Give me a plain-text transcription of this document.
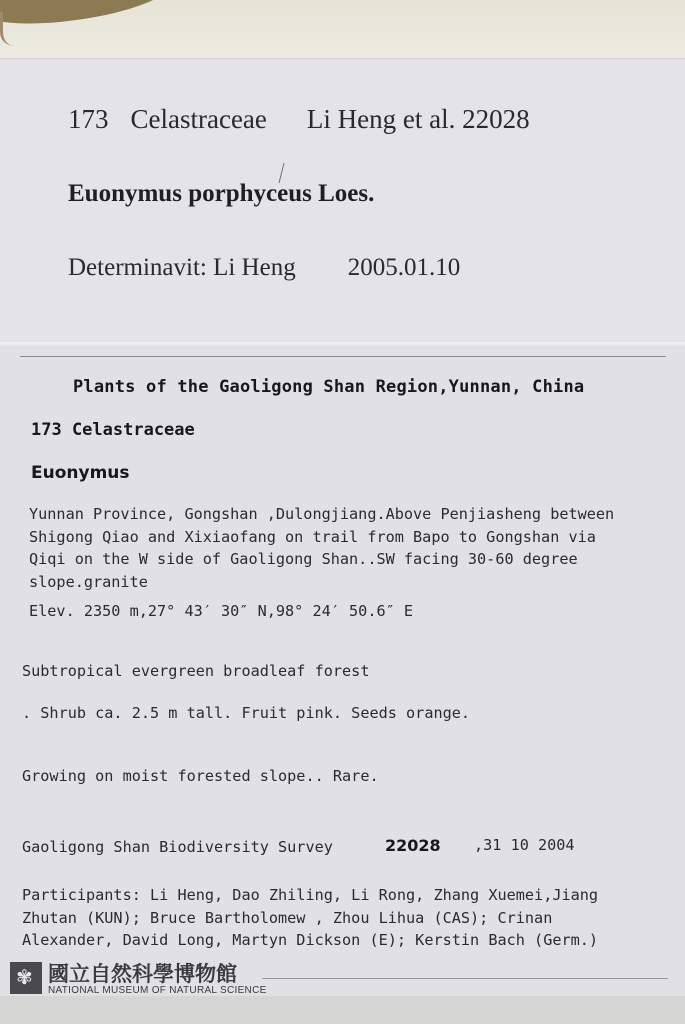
173 Celastraceae Li Heng et al. 22028
Euonymus porphyceus Loes.
Determinavit: Li Heng 2005.01.10
Plants of the Gaoligong Shan Region,Yunnan, China
173 Celastraceae
Euonymus
Yunnan Province, Gongshan ,Dulongjiang.Above Penjiasheng between
Shigong Qiao and Xixiaofang on trail from Bapo to Gongshan via
Qiqi on the W side of Gaoligong Shan..SW facing 30-60 degree
slope.granite
Elev. 2350 m,27° 43′ 30″ N,98° 24′ 50.6″ E
Subtropical evergreen broadleaf forest
. Shrub ca. 2.5 m tall. Fruit pink. Seeds orange.
Growing on moist forested slope.. Rare.
Gaoligong Shan Biodiversity Survey	22028 ,31 10 2004
Participants: Li Heng, Dao Zhiling, Li Rong, Zhang Xuemei,Jiang
Zhutan (KUN); Bruce Bartholomew , Zhou Lihua (CAS); Crinan
Alexander, David Long, Martyn Dickson (E); Kerstin Bach (Germ.)
✾ 國立自然科學博物館
NATIONAL MUSEUM OF NATURAL SCIENCE
